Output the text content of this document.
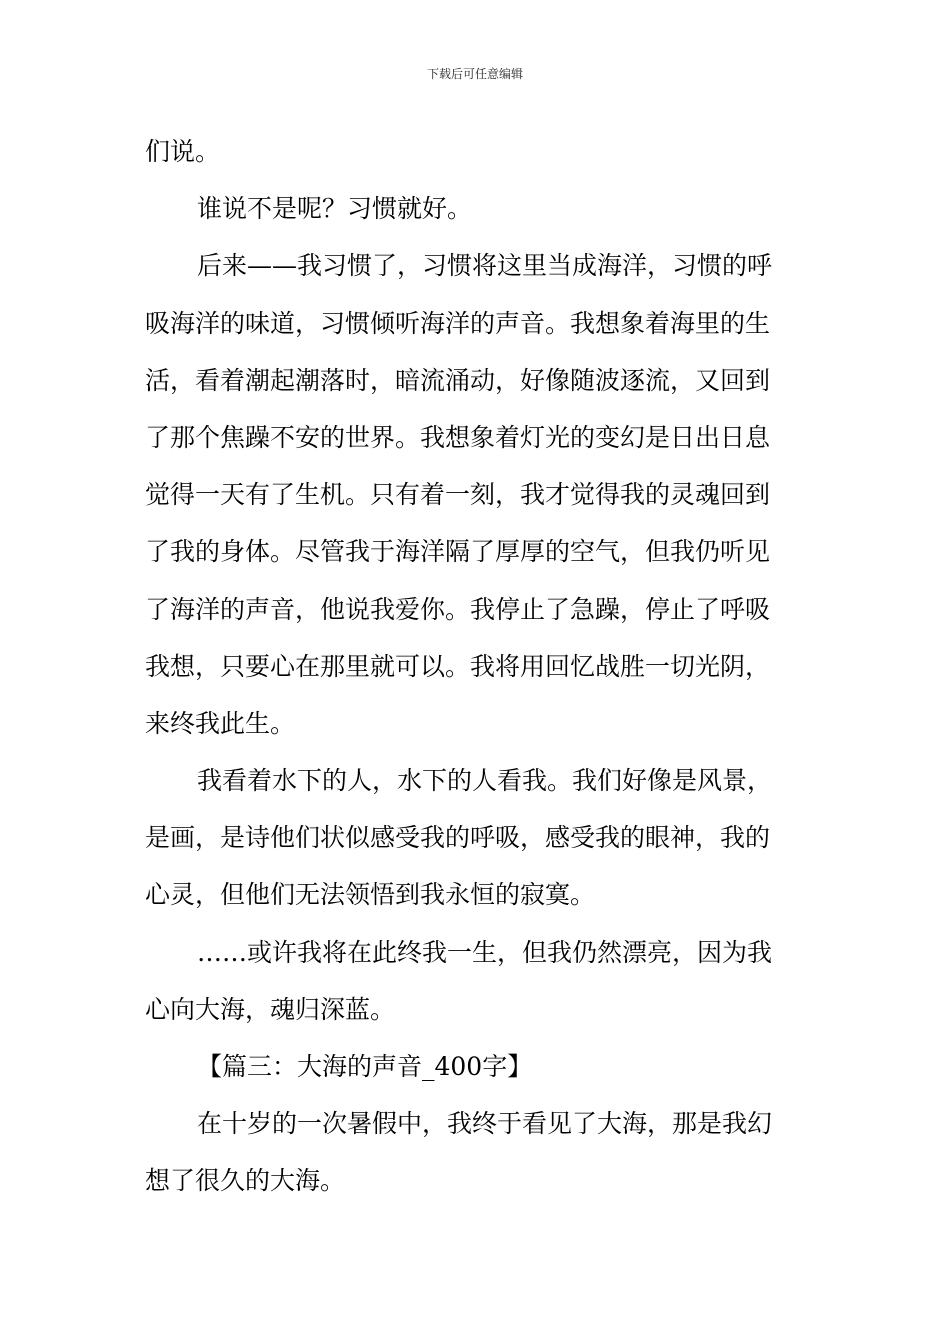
下载后可任意编辑
们说。
谁说不是呢？习惯就好。
后来——我习惯了，习惯将这里当成海洋，习惯的呼
吸海洋的味道，习惯倾听海洋的声音。我想象着海里的生
活，看着潮起潮落时，暗流涌动，好像随波逐流，又回到
了那个焦躁不安的世界。我想象着灯光的变幻是日出日息
觉得一天有了生机。只有着一刻，我才觉得我的灵魂回到
了我的身体。尽管我于海洋隔了厚厚的空气，但我仍听见
了海洋的声音，他说我爱你。我停止了急躁，停止了呼吸
我想，只要心在那里就可以。我将用回忆战胜一切光阴，
来终我此生。
我看着水下的人，水下的人看我。我们好像是风景，
是画，是诗他们状似感受我的呼吸，感受我的眼神，我的
心灵，但他们无法领悟到我永恒的寂寞。
……或许我将在此终我一生，但我仍然漂亮，因为我
心向大海，魂归深蓝。
【篇三：大海的声音_400字】
在十岁的一次暑假中，我终于看见了大海，那是我幻
想了很久的大海。
